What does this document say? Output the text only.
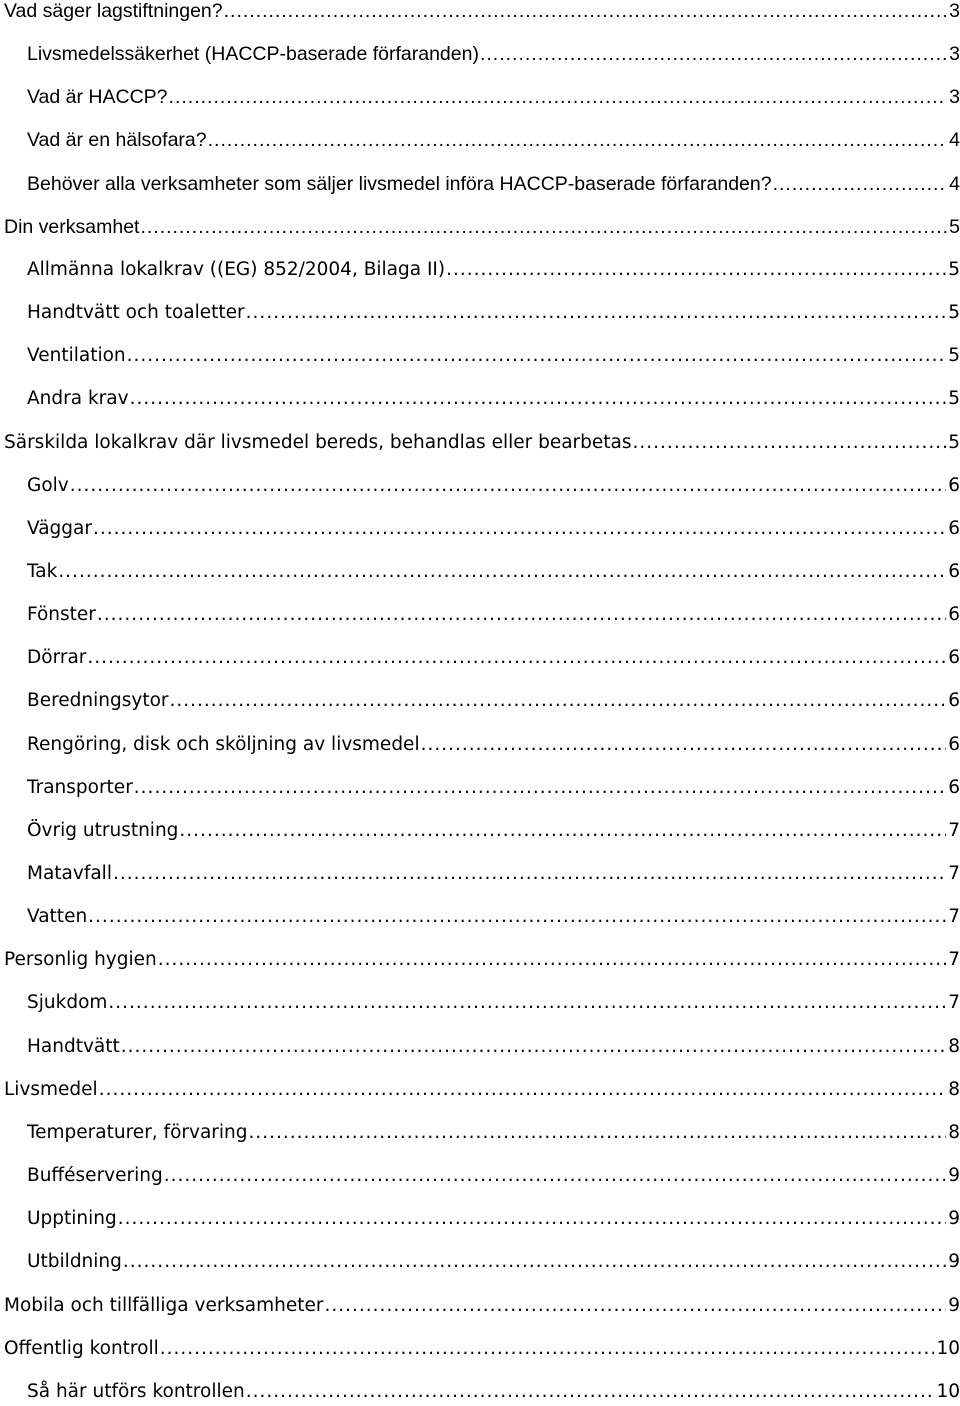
Vad säger lagstiftningen? .....	3
Livsmedelssäkerhet (HACCP-baserade förfaranden) .....	3
Vad är HACCP? .....	3
Vad är en hälsofara? .....	4
Behöver alla verksamheter som säljer livsmedel införa HACCP-baserade förfaranden? .....	4
Din verksamhet .....	5
Allmänna lokalkrav ((EG) 852/2004, Bilaga II) .....	5
Handtvätt och toaletter .....	5
Ventilation .....	5
Andra krav .....	5
Särskilda lokalkrav där livsmedel bereds, behandlas eller bearbetas .....	5
Golv .....	6
Väggar .....	6
Tak .....	6
Fönster .....	6
Dörrar .....	6
Beredningsytor .....	6
Rengöring, disk och sköljning av livsmedel .....	6
Transporter .....	6
Övrig utrustning .....	7
Matavfall .....	7
Vatten .....	7
Personlig hygien .....	7
Sjukdom .....	7
Handtvätt .....	8
Livsmedel .....	8
Temperaturer, förvaring .....	8
Bufféservering .....	9
Upptining .....	9
Utbildning .....	9
Mobila och tillfälliga verksamheter .....	9
Offentlig kontroll .....	10
Så här utförs kontrollen .....	10
